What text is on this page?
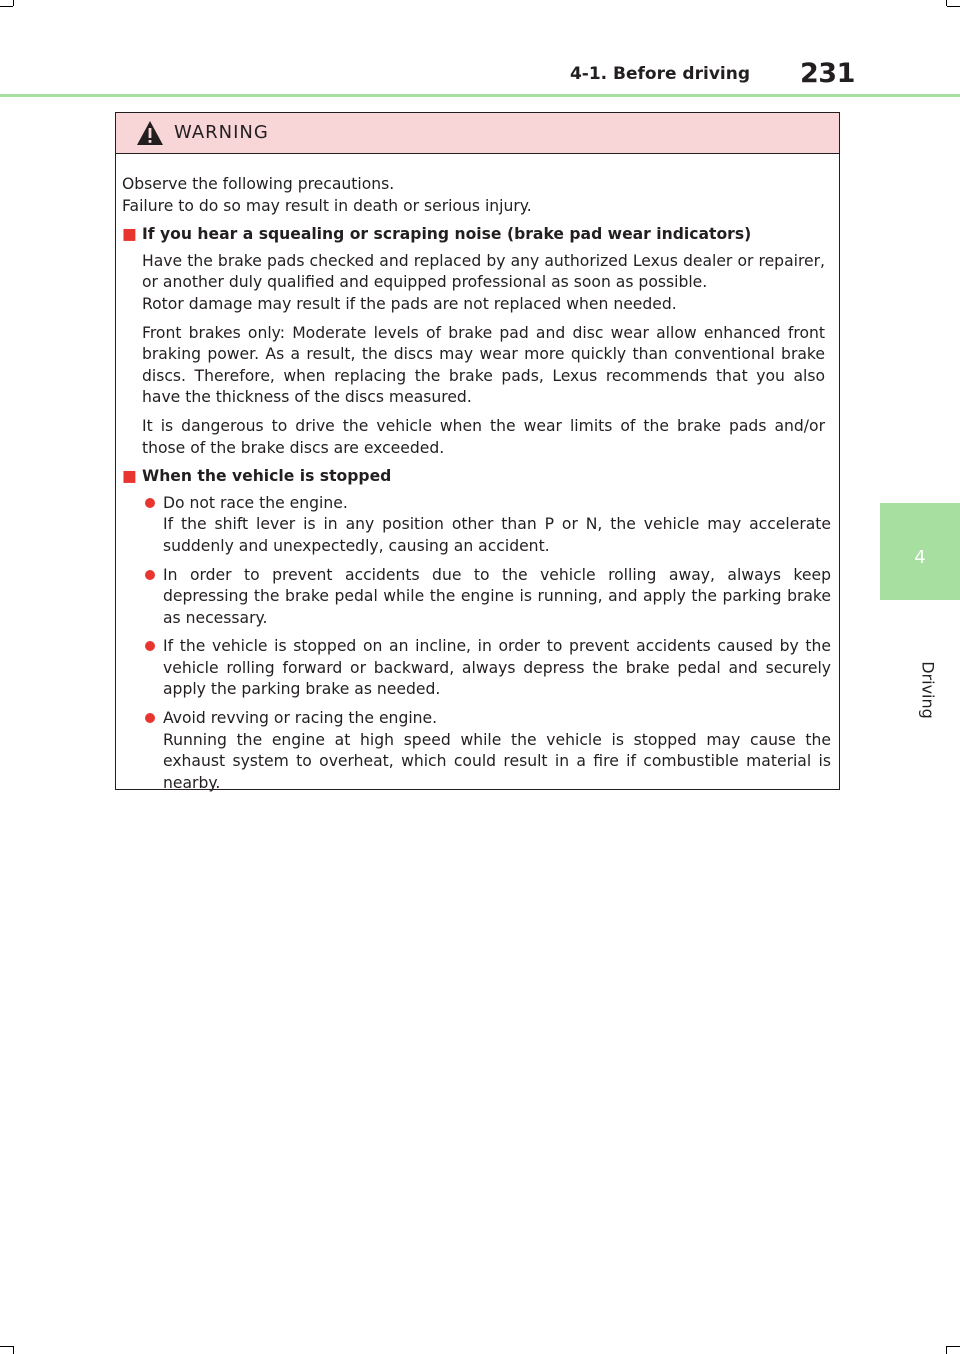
4-1. Before driving 231
4
Driving
WARNING

Observe the following precautions.

Failure to do so may result in death or serious injury.

■ If you hear a squealing or scraping noise (brake pad wear indicators)

Have the brake pads checked and replaced by any authorized Lexus dealer or repairer, or another duly qualified and equipped professional as soon as possible.

Rotor damage may result if the pads are not replaced when needed.

Front brakes only: Moderate levels of brake pad and disc wear allow enhanced front braking power. As a result, the discs may wear more quickly than conventional brake discs. Therefore, when replacing the brake pads, Lexus recommends that you also have the thickness of the discs measured.

It is dangerous to drive the vehicle when the wear limits of the brake pads and/or those of the brake discs are exceeded.

■ When the vehicle is stopped

Do not race the engine.

If the shift lever is in any position other than P or N, the vehicle may accelerate suddenly and unexpectedly, causing an accident.

In order to prevent accidents due to the vehicle rolling away, always keep depressing the brake pedal while the engine is running, and apply the parking brake as necessary.

If the vehicle is stopped on an incline, in order to prevent accidents caused by the vehicle rolling forward or backward, always depress the brake pedal and securely apply the parking brake as needed.

Avoid revving or racing the engine.

Running the engine at high speed while the vehicle is stopped may cause the exhaust system to overheat, which could result in a fire if combustible material is nearby.
